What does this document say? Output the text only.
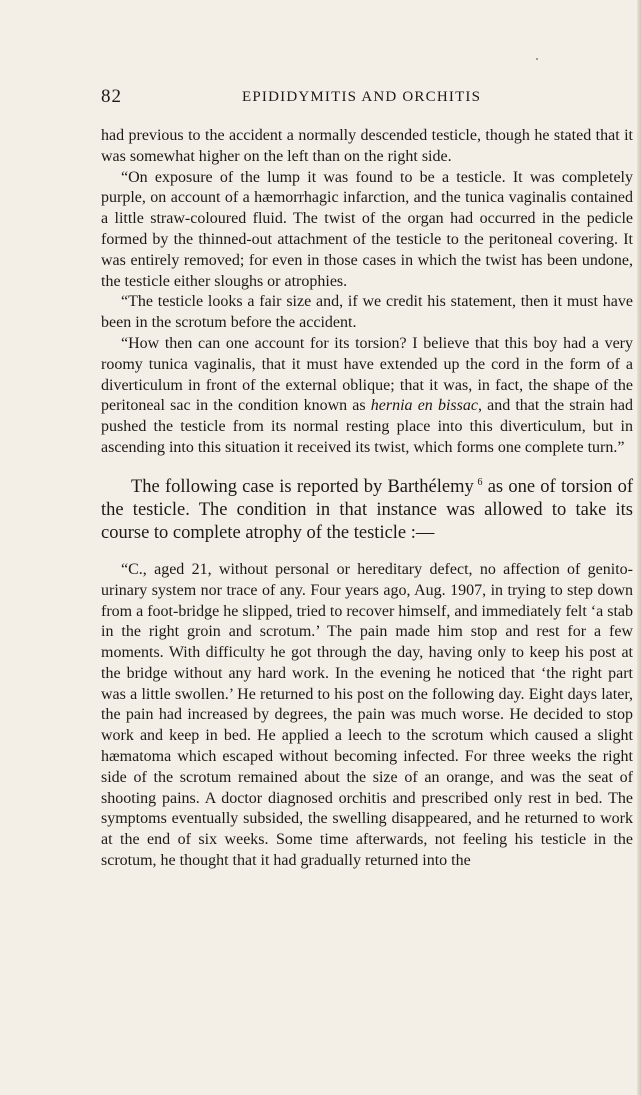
82	EPIDIDYMITIS AND ORCHITIS

had previous to the accident a normally descended testicle, though he stated that it was somewhat higher on the left than on the right side.

“On exposure of the lump it was found to be a testicle. It was completely purple, on account of a hæmorrhagic infarction, and the tunica vaginalis contained a little straw-coloured fluid. The twist of the organ had occurred in the pedicle formed by the thinned-out attachment of the testicle to the peritoneal covering. It was entirely removed; for even in those cases in which the twist has been undone, the testicle either sloughs or atrophies.

“The testicle looks a fair size and, if we credit his statement, then it must have been in the scrotum before the accident.

“How then can one account for its torsion? I believe that this boy had a very roomy tunica vaginalis, that it must have extended up the cord in the form of a diverticulum in front of the external oblique; that it was, in fact, the shape of the peritoneal sac in the condition known as hernia en bissac, and that the strain had pushed the testicle from its normal resting place into this diverticulum, but in ascending into this situation it received its twist, which forms one complete turn.”

The following case is reported by Barthélemy  $^6$ as one of torsion of the testicle. The condition in that instance was allowed to take its course to complete atrophy of the testicle :—

“C., aged 21, without personal or hereditary defect, no affection of genito-urinary system nor trace of any. Four years ago, Aug. 1907, in trying to step down from a foot-bridge he slipped, tried to recover himself, and immediately felt ‘a stab in the right groin and scrotum.’ The pain made him stop and rest for a few moments. With difficulty he got through the day, having only to keep his post at the bridge without any hard work. In the evening he noticed that ‘the right part was a little swollen.’ He returned to his post on the following day. Eight days later, the pain had increased by degrees, the pain was much worse. He decided to stop work and keep in bed. He applied a leech to the scrotum which caused a slight hæmatoma which escaped without becoming infected. For three weeks the right side of the scrotum remained about the size of an orange, and was the seat of shooting pains. A doctor diagnosed orchitis and prescribed only rest in bed. The symptoms eventually subsided, the swelling disappeared, and he returned to work at the end of six weeks. Some time afterwards, not feeling his testicle in the scrotum, he thought that it had gradually returned into the
